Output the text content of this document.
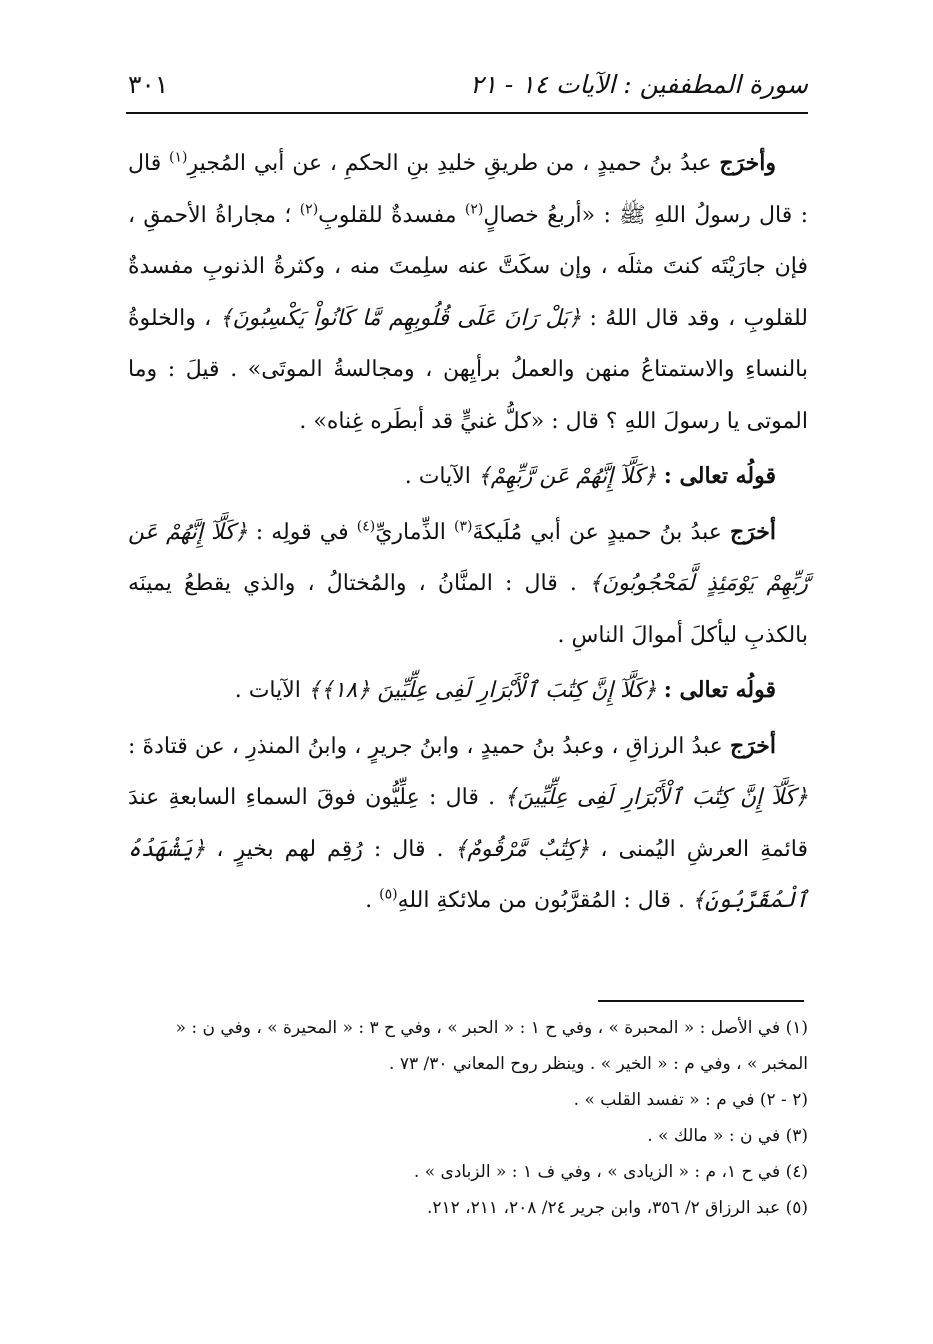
سورة المطففين : الآيات ١٤ - ٢١
٣٠١

وأخرَج عبدُ بنُ حميدٍ ، من طريقِ خليدِ بنِ الحكمِ ، عن أبي المُجيرِ$^{(١)}$ قال : قال رسولُ اللهِ ﷺ : «أربعُ خصالٍ$^{(٢)}$ مفسدةٌ للقلوبِ$^{(٢)}$ ؛ مجاراةُ الأحمقِ ، فإن جارَيْتَه كنتَ مثلَه ، وإن سكَتَّ عنه سلِمتَ منه ، وكثرةُ الذنوبِ مفسدةٌ للقلوبِ ، وقد قال اللهُ : ﴿بَلْ رَانَ عَلَى قُلُوبِهِم مَّا كَانُواْ يَكْسِبُونَ﴾ ، والخلوةُ بالنساءِ والاستمتاعُ منهن والعملُ برأيِهن ، ومجالسةُ الموتَى» . قيلَ : وما الموتى يا رسولَ اللهِ ؟ قال : «كلُّ غنيٍّ قد أبطَره غِناه» .

قولُه تعالى : ﴿كَلَّآ إِنَّهُمْ عَن رَّبِّهِمْ﴾ الآيات .

أخرَج عبدُ بنُ حميدٍ عن أبي مُلَيكةَ$^{(٣)}$ الذِّماريِّ$^{(٤)}$ في قولِه : ﴿كَلَّآ إِنَّهُمْ عَن رَّبِّهِمْ يَوْمَئِذٍ لَّمَحْجُوبُونَ﴾ . قال : المنَّانُ ، والمُختالُ ، والذي يقطعُ يمينَه بالكذبِ ليأكلَ أموالَ الناسِ .

قولُه تعالى : ﴿كَلَّآ إِنَّ كِتَٰبَ ٱلْأَبْرَارِ لَفِى عِلِّيِّينَ ﴿١٨﴾﴾ الآيات .

أخرَج عبدُ الرزاقِ ، وعبدُ بنُ حميدٍ ، وابنُ جريرٍ ، وابنُ المنذرِ ، عن قتادةَ : ﴿كَلَّآ إِنَّ كِتَٰبَ ٱلْأَبْرَارِ لَفِى عِلِّيِّينَ﴾ . قال : عِلِّيُّون فوقَ السماءِ السابعةِ عندَ قائمةِ العرشِ اليُمنى ، ﴿كِتَٰبٌ مَّرْقُومٌ﴾ . قال : رُقِم لهم بخيرٍ ، ﴿يَشْهَدُهُ ٱلْمُقَرَّبُونَ﴾ . قال : المُقرَّبُون من ملائكةِ اللهِ$^{(٥)}$ .

(١) في الأصل : « المحبرة » ، وفي ح ١ : « الحبر » ، وفي ح ٣ : « المحيرة » ، وفي ن : « المخبر » ، وفي م : « الخير » . وينظر روح المعاني ٣٠/ ٧٣ .

(٢ - ٢) في م : « تفسد القلب » .

(٣) في ن : « مالك » .

(٤) في ح ١، م : « الزيادى » ، وفي ف ١ : « الزبادى » .

(٥) عبد الرزاق ٢/ ٣٥٦، وابن جرير ٢٤/ ٢٠٨، ٢١١، ٢١٢.
